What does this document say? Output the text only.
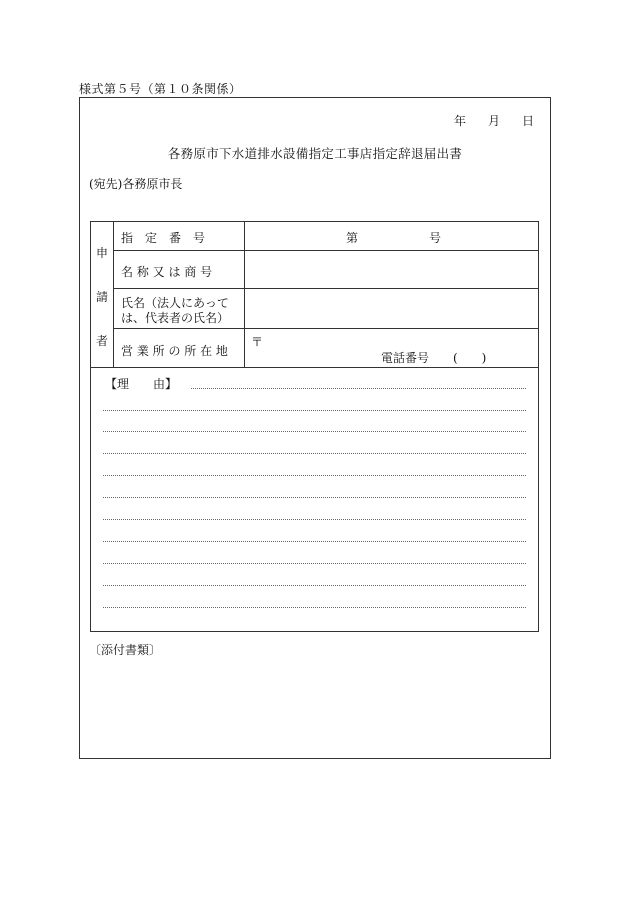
様式第５号（第１０条関係）
年 月 日
各務原市下水道排水設備指定工事店指定辞退届出書
(宛先)各務原市長
申
請
者
指　定　番　号	第	号
名 称 又 は 商 号
氏名（法人にあって
は、代表者の氏名）
営 業 所 の 所 在 地
〒
電話番号 (　　)
【理　　由】
〔添付書類〕
